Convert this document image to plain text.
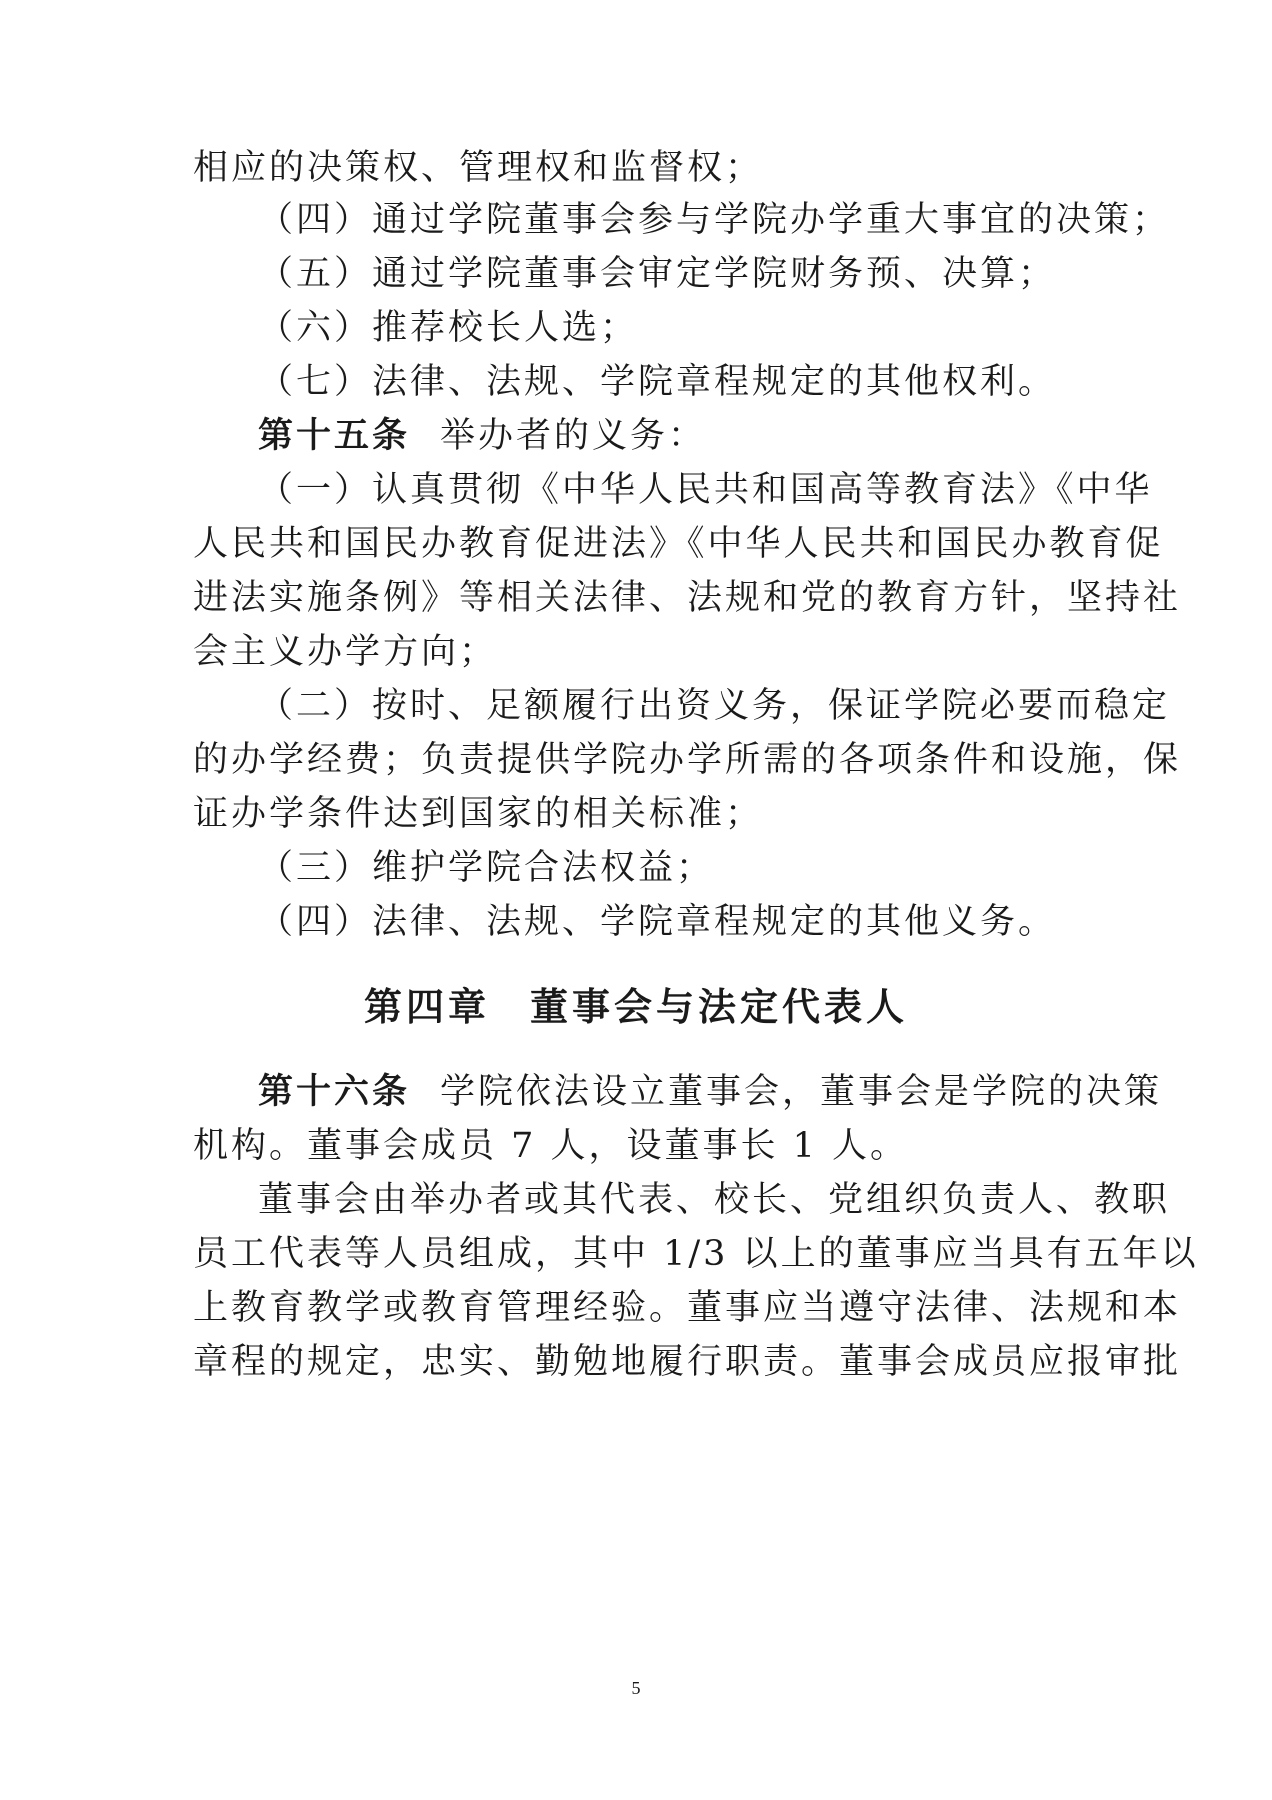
相应的决策权、管理权和监督权；
（四）通过学院董事会参与学院办学重大事宜的决策；
（五）通过学院董事会审定学院财务预、决算；
（六）推荐校长人选；
（七）法律、法规、学院章程规定的其他权利。
第十五条 举办者的义务：
（一）认真贯彻《中华人民共和国高等教育法》《中华
人民共和国民办教育促进法》《中华人民共和国民办教育促
进法实施条例》等相关法律、法规和党的教育方针，坚持社
会主义办学方向；
（二）按时、足额履行出资义务，保证学院必要而稳定
的办学经费；负责提供学院办学所需的各项条件和设施，保
证办学条件达到国家的相关标准；
（三）维护学院合法权益；
（四）法律、法规、学院章程规定的其他义务。
第四章 董事会与法定代表人
第十六条 学院依法设立董事会，董事会是学院的决策
机构。董事会成员 7 人，设董事长 1 人。
董事会由举办者或其代表、校长、党组织负责人、教职
员工代表等人员组成，其中 1/3 以上的董事应当具有五年以
上教育教学或教育管理经验。董事应当遵守法律、法规和本
章程的规定，忠实、勤勉地履行职责。董事会成员应报审批
5
